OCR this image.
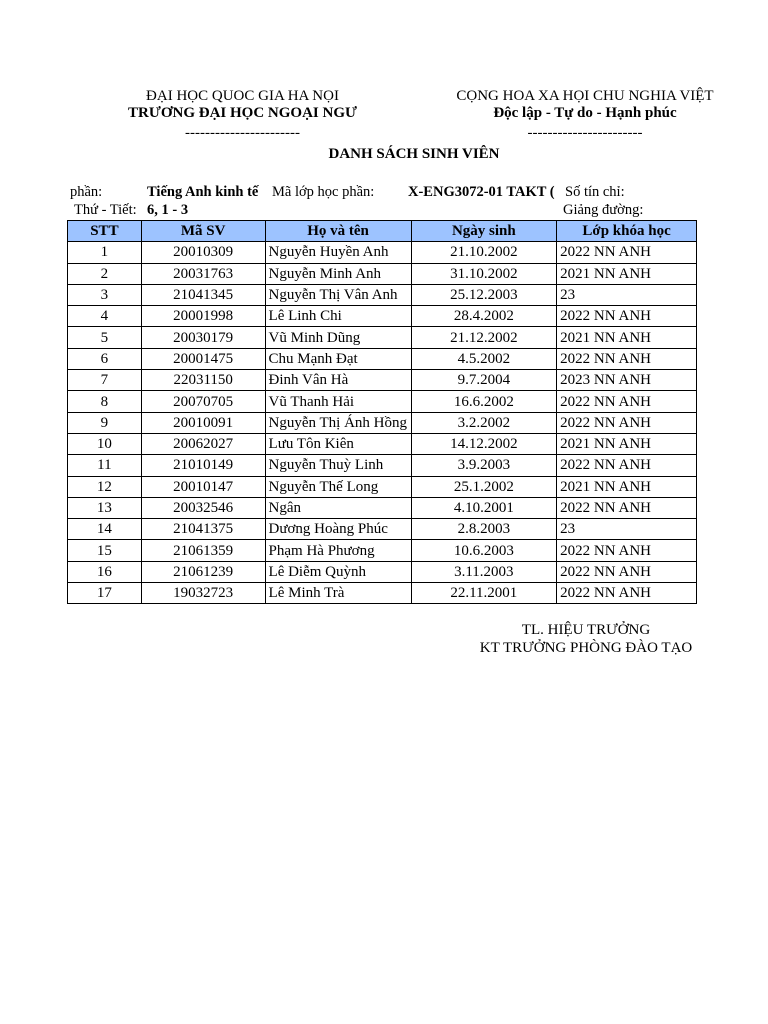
ĐẠI HỌC QUOC GIA HA NỌI
TRƯƠNG ĐẠI HỌC NGOẠI NGƯ
-----------------------
CỌNG HOA XA HỌI CHU NGHIA VIỆT
Độc lập - Tự do - Hạnh phúc
-----------------------
DANH SÁCH SINH VIÊN
phần:	Tiếng Anh kinh tế Mã lớp học phần: X-ENG3072-01 TAKT ( Số tín chỉ:
Thứ - Tiết: 6, 1 - 3	Giảng đường:
STT	Mã SV	Họ và tên	Ngày sinh	Lớp khóa học
1	20010309	Nguyễn Huyền Anh	21.10.2002	2022 NN ANH
2	20031763	Nguyễn Minh Anh	31.10.2002	2021 NN ANH
3	21041345	Nguyễn Thị Vân Anh	25.12.2003	23
4	20001998	Lê Linh Chi	28.4.2002	2022 NN ANH
5	20030179	Vũ Minh Dũng	21.12.2002	2021 NN ANH
6	20001475	Chu Mạnh Đạt	4.5.2002	2022 NN ANH
7	22031150	Đinh Vân Hà	9.7.2004	2023 NN ANH
8	20070705	Vũ Thanh Hải	16.6.2002	2022 NN ANH
9	20010091	Nguyễn Thị Ánh Hồng	3.2.2002	2022 NN ANH
10	20062027	Lưu Tôn Kiên	14.12.2002	2021 NN ANH
11	21010149	Nguyễn Thuỳ Linh	3.9.2003	2022 NN ANH
12	20010147	Nguyễn Thế Long	25.1.2002	2021 NN ANH
13	20032546	Ngân	4.10.2001	2022 NN ANH
14	21041375	Dương Hoàng Phúc	2.8.2003	23
15	21061359	Phạm Hà Phương	10.6.2003	2022 NN ANH
16	21061239	Lê Diễm Quỳnh	3.11.2003	2022 NN ANH
17	19032723	Lê Minh Trà	22.11.2001	2022 NN ANH
TL. HIỆU TRƯỞNG
KT TRƯỞNG PHÒNG ĐÀO TẠO
